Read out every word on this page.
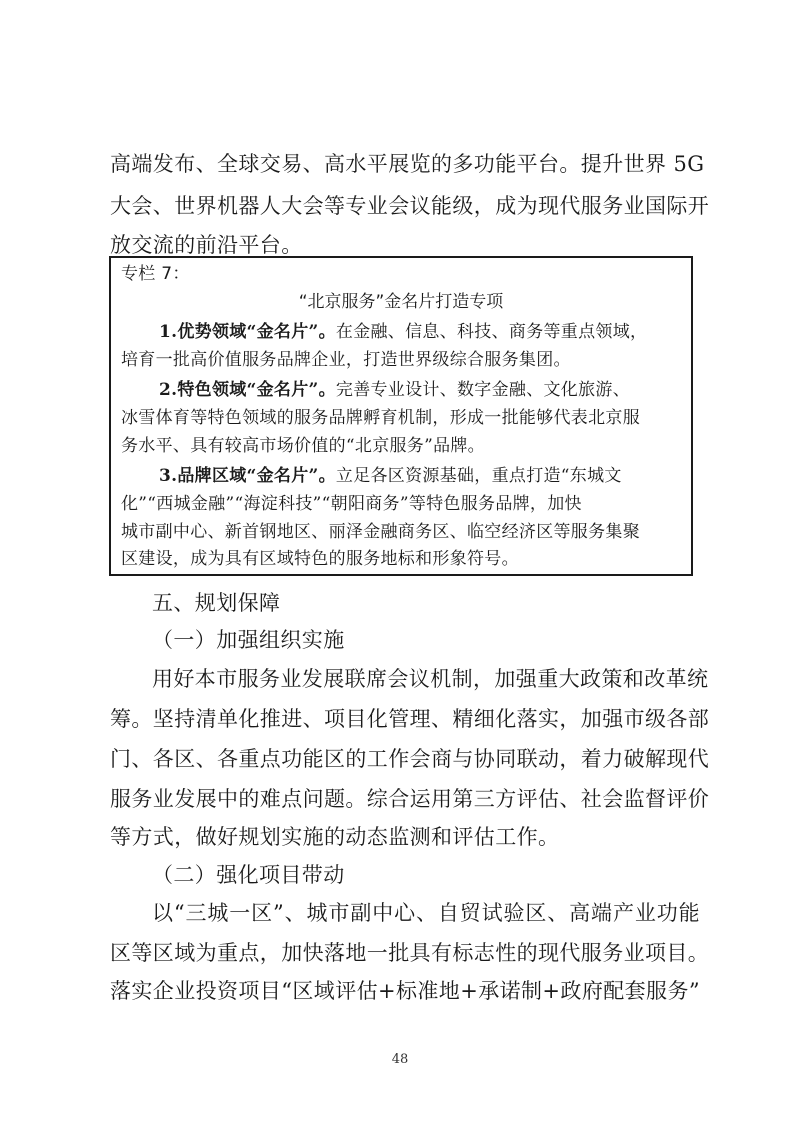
高端发布、全球交易、高水平展览的多功能平台。提升世界 5G
大会、世界机器人大会等专业会议能级，成为现代服务业国际开
放交流的前沿平台。
专栏 7：
“北京服务”金名片打造专项
1.优势领域“金名片”。在金融、信息、科技、商务等重点领域，
培育一批高价值服务品牌企业，打造世界级综合服务集团。
2.特色领域“金名片”。完善专业设计、数字金融、文化旅游、
冰雪体育等特色领域的服务品牌孵育机制，形成一批能够代表北京服
务水平、具有较高市场价值的“北京服务”品牌。
3.品牌区域“金名片”。立足各区资源基础，重点打造“东城文
化”“西城金融”“海淀科技”“朝阳商务”等特色服务品牌，加快
城市副中心、新首钢地区、丽泽金融商务区、临空经济区等服务集聚
区建设，成为具有区域特色的服务地标和形象符号。
五、规划保障
（一）加强组织实施
用好本市服务业发展联席会议机制，加强重大政策和改革统
筹。坚持清单化推进、项目化管理、精细化落实，加强市级各部
门、各区、各重点功能区的工作会商与协同联动，着力破解现代
服务业发展中的难点问题。综合运用第三方评估、社会监督评价
等方式，做好规划实施的动态监测和评估工作。
（二）强化项目带动
以“三城一区”、城市副中心、自贸试验区、高端产业功能
区等区域为重点，加快落地一批具有标志性的现代服务业项目。
落实企业投资项目“区域评估+标准地+承诺制+政府配套服务”
48
